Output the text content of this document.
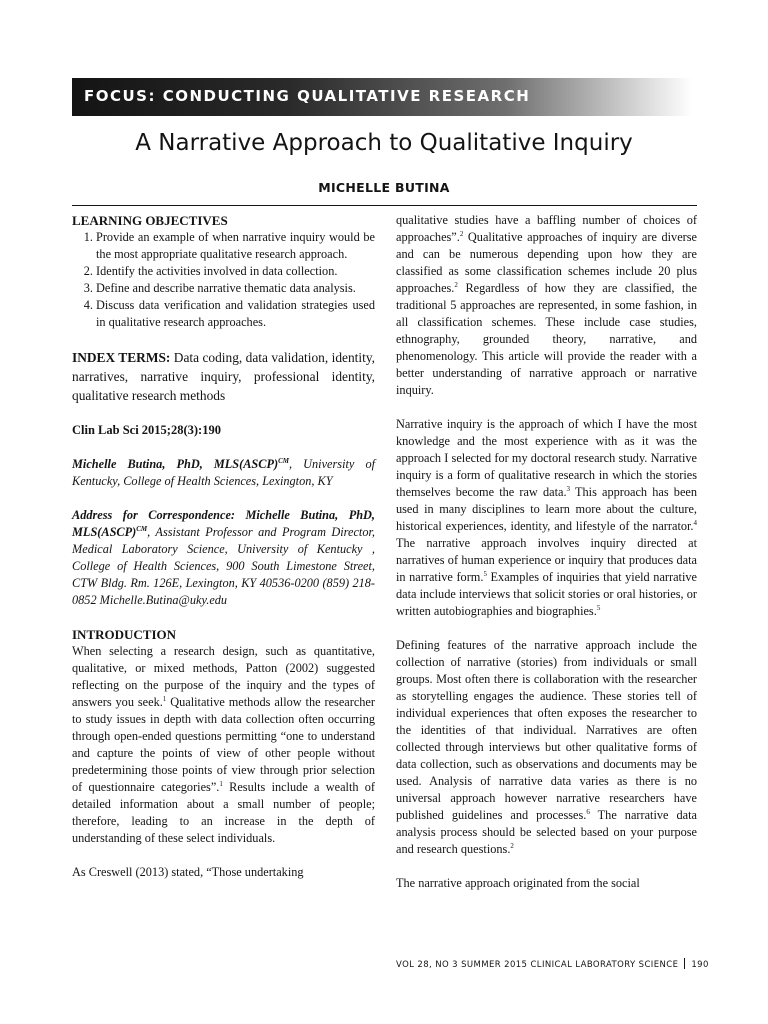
FOCUS: CONDUCTING QUALITATIVE RESEARCH
A Narrative Approach to Qualitative Inquiry
MICHELLE BUTINA
LEARNING OBJECTIVES
1. Provide an example of when narrative inquiry would be the most appropriate qualitative research approach.
2. Identify the activities involved in data collection.
3. Define and describe narrative thematic data analysis.
4. Discuss data verification and validation strategies used in qualitative research approaches.

INDEX TERMS: Data coding, data validation, identity, narratives, narrative inquiry, professional identity, qualitative research methods

Clin Lab Sci 2015;28(3):190

Michelle Butina, PhD, MLS(ASCP)$^{CM}$, University of Kentucky, College of Health Sciences, Lexington, KY

Address for Correspondence: Michelle Butina, PhD, MLS(ASCP)$^{CM}$, Assistant Professor and Program Director, Medical Laboratory Science, University of Kentucky , College of Health Sciences, 900 South Limestone Street, CTW Bldg. Rm. 126E, Lexington, KY 40536-0200 (859) 218-0852 Michelle.Butina@uky.edu

INTRODUCTION

When selecting a research design, such as quantitative, qualitative, or mixed methods, Patton (2002) suggested reflecting on the purpose of the inquiry and the types of answers you seek.$^1$ Qualitative methods allow the researcher to study issues in depth with data collection often occurring through open-ended questions permitting “one to understand and capture the points of view of other people without predetermining those points of view through prior selection of questionnaire categories”.$^1$ Results include a wealth of detailed information about a small number of people; therefore, leading to an increase in the depth of understanding of these select individuals.

As Creswell (2013) stated, “Those undertaking

qualitative studies have a baffling number of choices of approaches”.$^2$ Qualitative approaches of inquiry are diverse and can be numerous depending upon how they are classified as some classification schemes include 20 plus approaches.$^2$ Regardless of how they are classified, the traditional 5 approaches are represented, in some fashion, in all classification schemes. These include case studies, ethnography, grounded theory, narrative, and phenomenology. This article will provide the reader with a better understanding of narrative approach or narrative inquiry.

Narrative inquiry is the approach of which I have the most knowledge and the most experience with as it was the approach I selected for my doctoral research study. Narrative inquiry is a form of qualitative research in which the stories themselves become the raw data.$^3$ This approach has been used in many disciplines to learn more about the culture, historical experiences, identity, and lifestyle of the narrator.$^4$ The narrative approach involves inquiry directed at narratives of human experience or inquiry that produces data in narrative form.$^5$ Examples of inquiries that yield narrative data include interviews that solicit stories or oral histories, or written autobiographies and biographies.$^5$

Defining features of the narrative approach include the collection of narrative (stories) from individuals or small groups. Most often there is collaboration with the researcher as storytelling engages the audience. These stories tell of individual experiences that often exposes the researcher to the identities of that individual. Narratives are often collected through interviews but other qualitative forms of data collection, such as observations and documents may be used. Analysis of narrative data varies as there is no universal approach however narrative researchers have published guidelines and processes.$^6$ The narrative data analysis process should be selected based on your purpose and research questions.$^2$

The narrative approach originated from the social

VOL 28, NO 3 SUMMER 2015 CLINICAL LABORATORY SCIENCE 190
